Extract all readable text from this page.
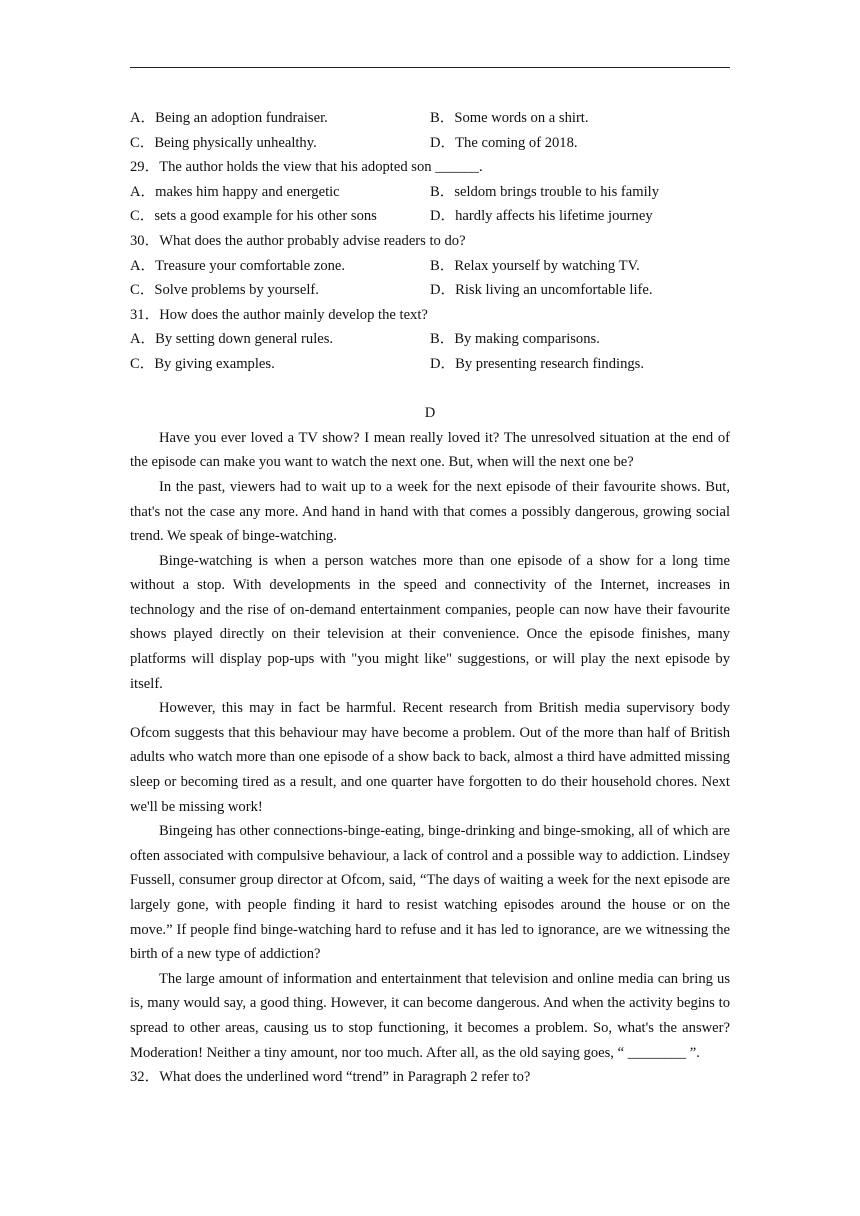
A．Being an adoption fundraiser.	B．Some words on a shirt.
C．Being physically unhealthy.	D．The coming of 2018.
29．The author holds the view that his adopted son ______.
A．makes him happy and energetic	B．seldom brings trouble to his family
C．sets a good example for his other sons	D．hardly affects his lifetime journey
30．What does the author probably advise readers to do?
A．Treasure your comfortable zone.	B．Relax yourself by watching TV.
C．Solve problems by yourself.	D．Risk living an uncomfortable life.
31．How does the author mainly develop the text?
A．By setting down general rules.	B．By making comparisons.
C．By giving examples.	D．By presenting research findings.
D

Have you ever loved a TV show? I mean really loved it? The unresolved situation at the end of the episode can make you want to watch the next one. But, when will the next one be?

In the past, viewers had to wait up to a week for the next episode of their favourite shows. But, that's not the case any more. And hand in hand with that comes a possibly dangerous, growing social trend. We speak of binge-watching.

Binge-watching is when a person watches more than one episode of a show for a long time without a stop. With developments in the speed and connectivity of the Internet, increases in technology and the rise of on-demand entertainment companies, people can now have their favourite shows played directly on their television at their convenience. Once the episode finishes, many platforms will display pop-ups with "you might like" suggestions, or will play the next episode by itself.

However, this may in fact be harmful. Recent research from British media supervisory body Ofcom suggests that this behaviour may have become a problem. Out of the more than half of British adults who watch more than one episode of a show back to back, almost a third have admitted missing sleep or becoming tired as a result, and one quarter have forgotten to do their household chores. Next we'll be missing work!

Bingeing has other connections-binge-eating, binge-drinking and binge-smoking, all of which are often associated with compulsive behaviour, a lack of control and a possible way to addiction. Lindsey Fussell, consumer group director at Ofcom, said, “The days of waiting a week for the next episode are largely gone, with people finding it hard to resist watching episodes around the house or on the move.” If people find binge-watching hard to refuse and it has led to ignorance, are we witnessing the birth of a new type of addiction?

The large amount of information and entertainment that television and online media can bring us is, many would say, a good thing. However, it can become dangerous. And when the activity begins to spread to other areas, causing us to stop functioning, it becomes a problem. So, what's the answer? Moderation! Neither a tiny amount, nor too much. After all, as the old saying goes, “ ________ ”.

32．What does the underlined word “trend” in Paragraph 2 refer to?
